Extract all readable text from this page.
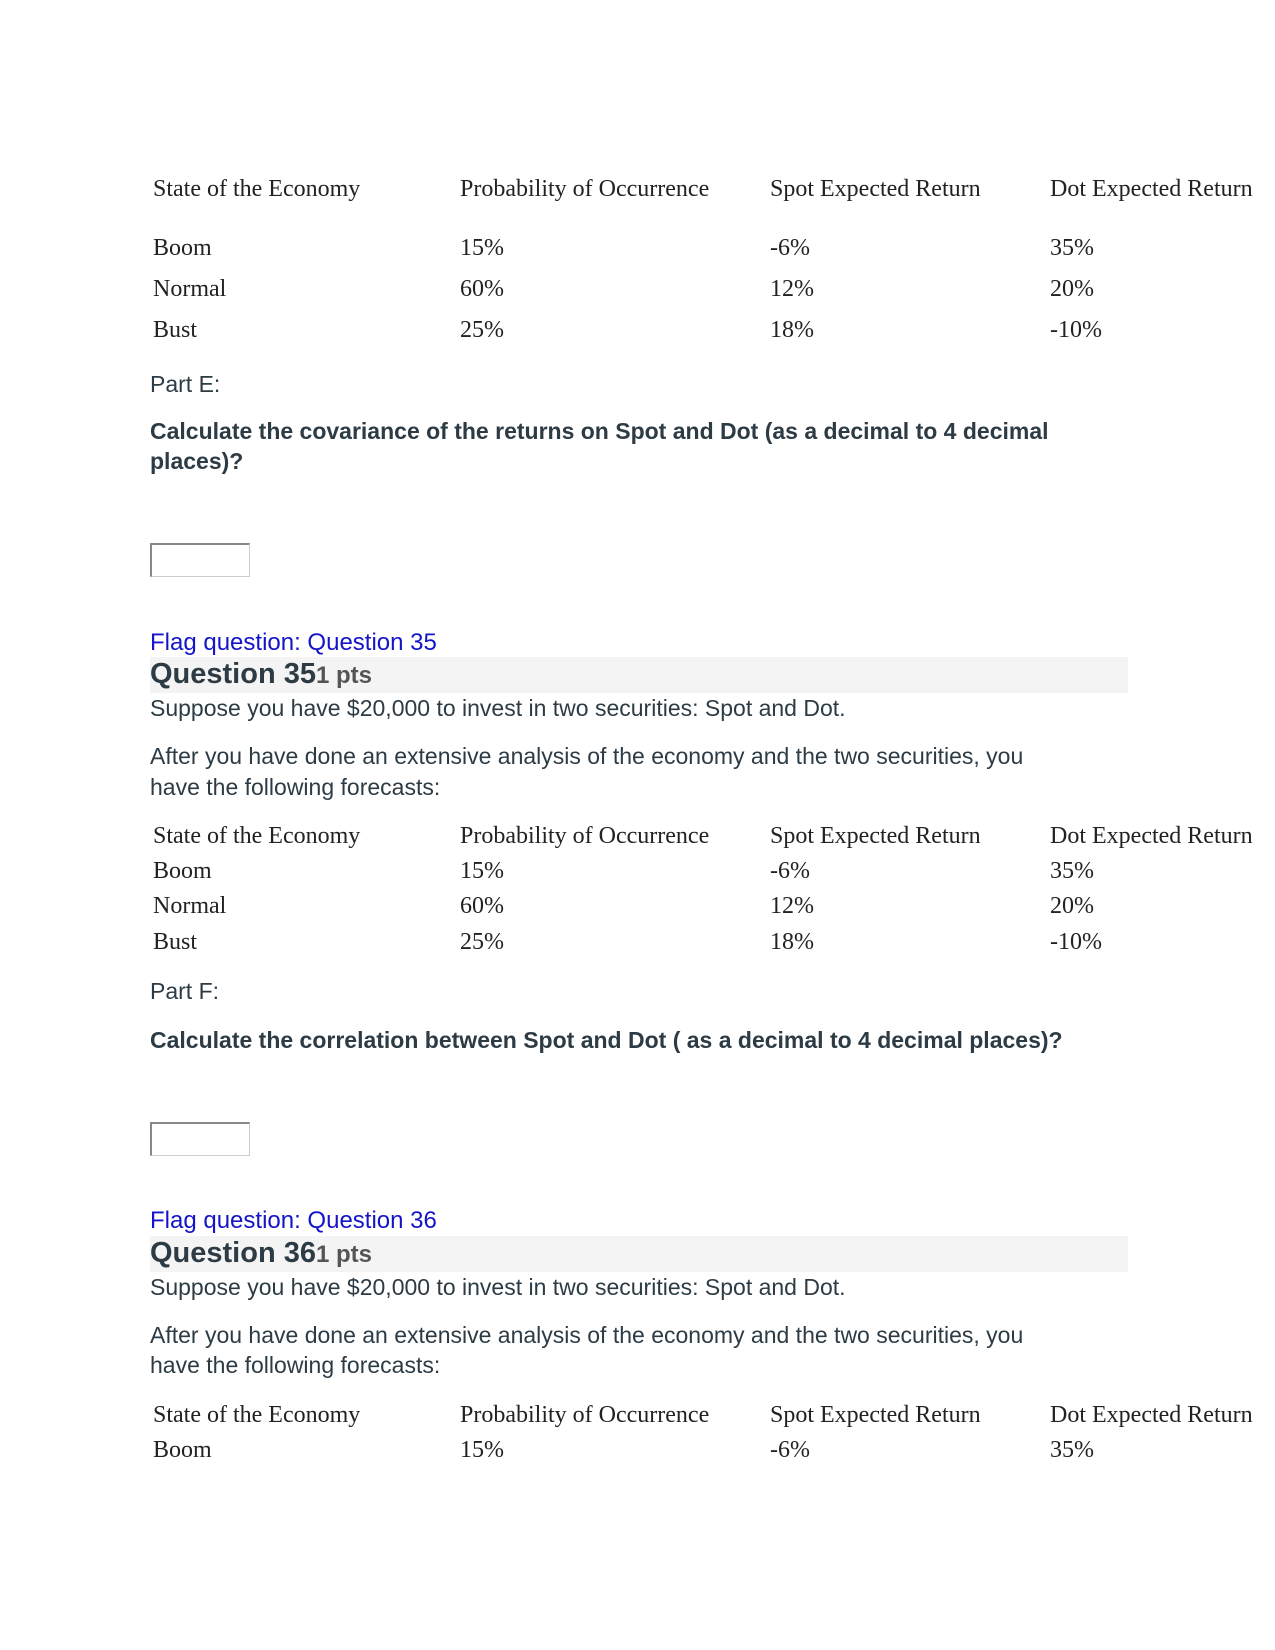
State of the Economy	Probability of Occurrence	Spot Expected Return	Dot Expected Return
Boom	15%	-6%	35%
Normal	60%	12%	20%
Bust	25%	18%	-10%
Part E:
Calculate the covariance of the returns on Spot and Dot (as a decimal to 4 decimal
places)?
Flag question: Question 35
Question 351 pts
Suppose you have $20,000 to invest in two securities: Spot and Dot.
After you have done an extensive analysis of the economy and the two securities, you
have the following forecasts:
State of the Economy	Probability of Occurrence	Spot Expected Return	Dot Expected Return
Boom	15%	-6%	35%
Normal	60%	12%	20%
Bust	25%	18%	-10%
Part F:
Calculate the correlation between Spot and Dot ( as a decimal to 4 decimal places)?
Flag question: Question 36
Question 361 pts
Suppose you have $20,000 to invest in two securities: Spot and Dot.
After you have done an extensive analysis of the economy and the two securities, you
have the following forecasts:
State of the Economy	Probability of Occurrence	Spot Expected Return	Dot Expected Return
Boom	15%	-6%	35%
